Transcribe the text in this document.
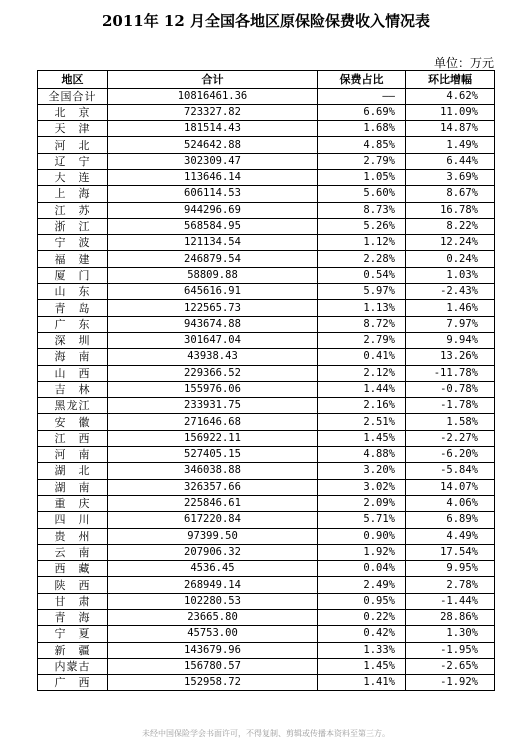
2011年 12 月全国各地区原保险保费收入情况表
单位：万元
地区	合计	保费占比	环比增幅
全国合计	10816461.36	——	4.62%
北　京	723327.82	6.69%	11.09%
天　津	181514.43	1.68%	14.87%
河　北	524642.88	4.85%	1.49%
辽　宁	302309.47	2.79%	6.44%
大　连	113646.14	1.05%	3.69%
上　海	606114.53	5.60%	8.67%
江　苏	944296.69	8.73%	16.78%
浙　江	568584.95	5.26%	8.22%
宁　波	121134.54	1.12%	12.24%
福　建	246879.54	2.28%	0.24%
厦　门	58809.88	0.54%	1.03%
山　东	645616.91	5.97%	-2.43%
青　岛	122565.73	1.13%	1.46%
广　东	943674.88	8.72%	7.97%
深　圳	301647.04	2.79%	9.94%
海　南	43938.43	0.41%	13.26%
山　西	229366.52	2.12%	-11.78%
吉　林	155976.06	1.44%	-0.78%
黑龙江	233931.75	2.16%	-1.78%
安　徽	271646.68	2.51%	1.58%
江　西	156922.11	1.45%	-2.27%
河　南	527405.15	4.88%	-6.20%
湖　北	346038.88	3.20%	-5.84%
湖　南	326357.66	3.02%	14.07%
重　庆	225846.61	2.09%	4.06%
四　川	617220.84	5.71%	6.89%
贵　州	97399.50	0.90%	4.49%
云　南	207906.32	1.92%	17.54%
西　藏	4536.45	0.04%	9.95%
陕　西	268949.14	2.49%	2.78%
甘　肃	102280.53	0.95%	-1.44%
青　海	23665.80	0.22%	28.86%
宁　夏	45753.00	0.42%	1.30%
新　疆	143679.96	1.33%	-1.95%
内蒙古	156780.57	1.45%	-2.65%
广　西	152958.72	1.41%	-1.92%
未经中国保险学会书面许可，不得复制、剪辑或传播本资料至第三方。
